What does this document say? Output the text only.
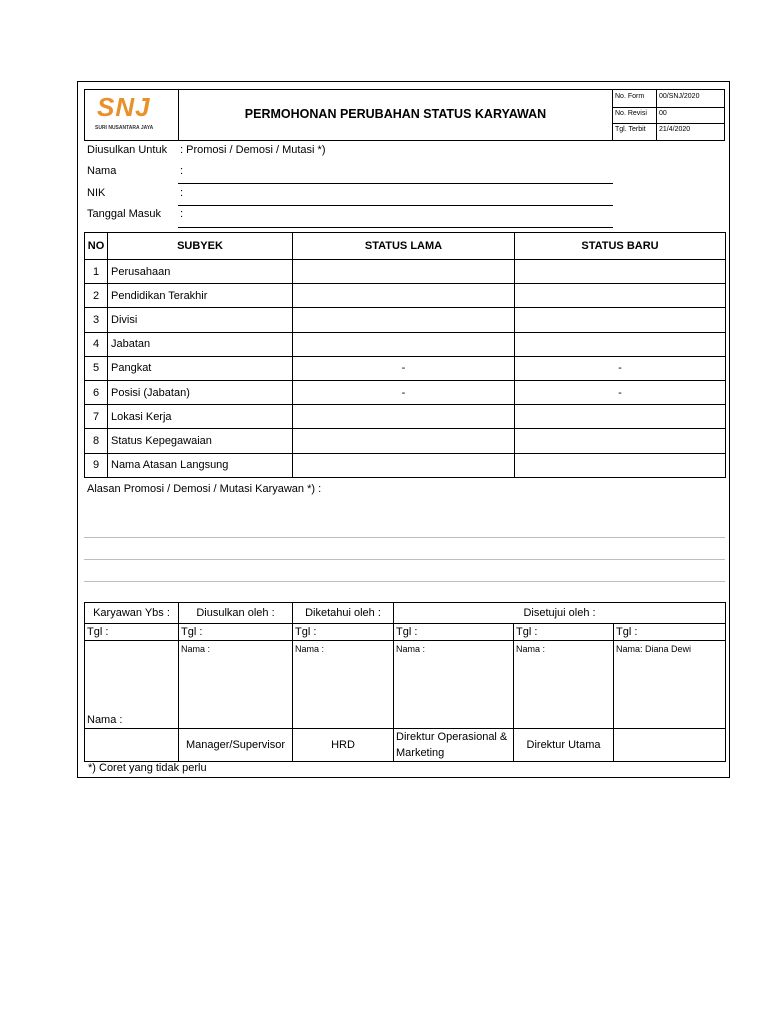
SNJ
SURI NUSANTARA JAYA
PERMOHONAN PERUBAHAN STATUS KARYAWAN
No. Form 00/SNJ/2020
No. Revisi 00
Tgl. Terbit 21/4/2020
Diusulkan Untuk : Promosi / Demosi / Mutasi *)
Nama	:
NIK	:
Tanggal Masuk :
NO	SUBYEK	STATUS LAMA	STATUS BARU
1	Perusahaan		
2	Pendidikan Terakhir		
3	Divisi		
4	Jabatan		
5	Pangkat	-	-
6	Posisi (Jabatan)	-	-
7	Lokasi Kerja		
8	Status Kepegawaian		
9	Nama Atasan Langsung		
Alasan Promosi / Demosi / Mutasi Karyawan *) :
Karyawan Ybs :	Diusulkan oleh :	Diketahui oleh :	Disetujui oleh :		
Tgl :	Tgl :	Tgl :	Tgl :	Tgl :	Tgl :
Nama :	Nama :	Nama :	Nama :	Nama :	Nama: Diana Dewi
	Manager/Supervisor	HRD	Direktur Operasional & Marketing	Direktur Utama	
*) Coret yang tidak perlu
